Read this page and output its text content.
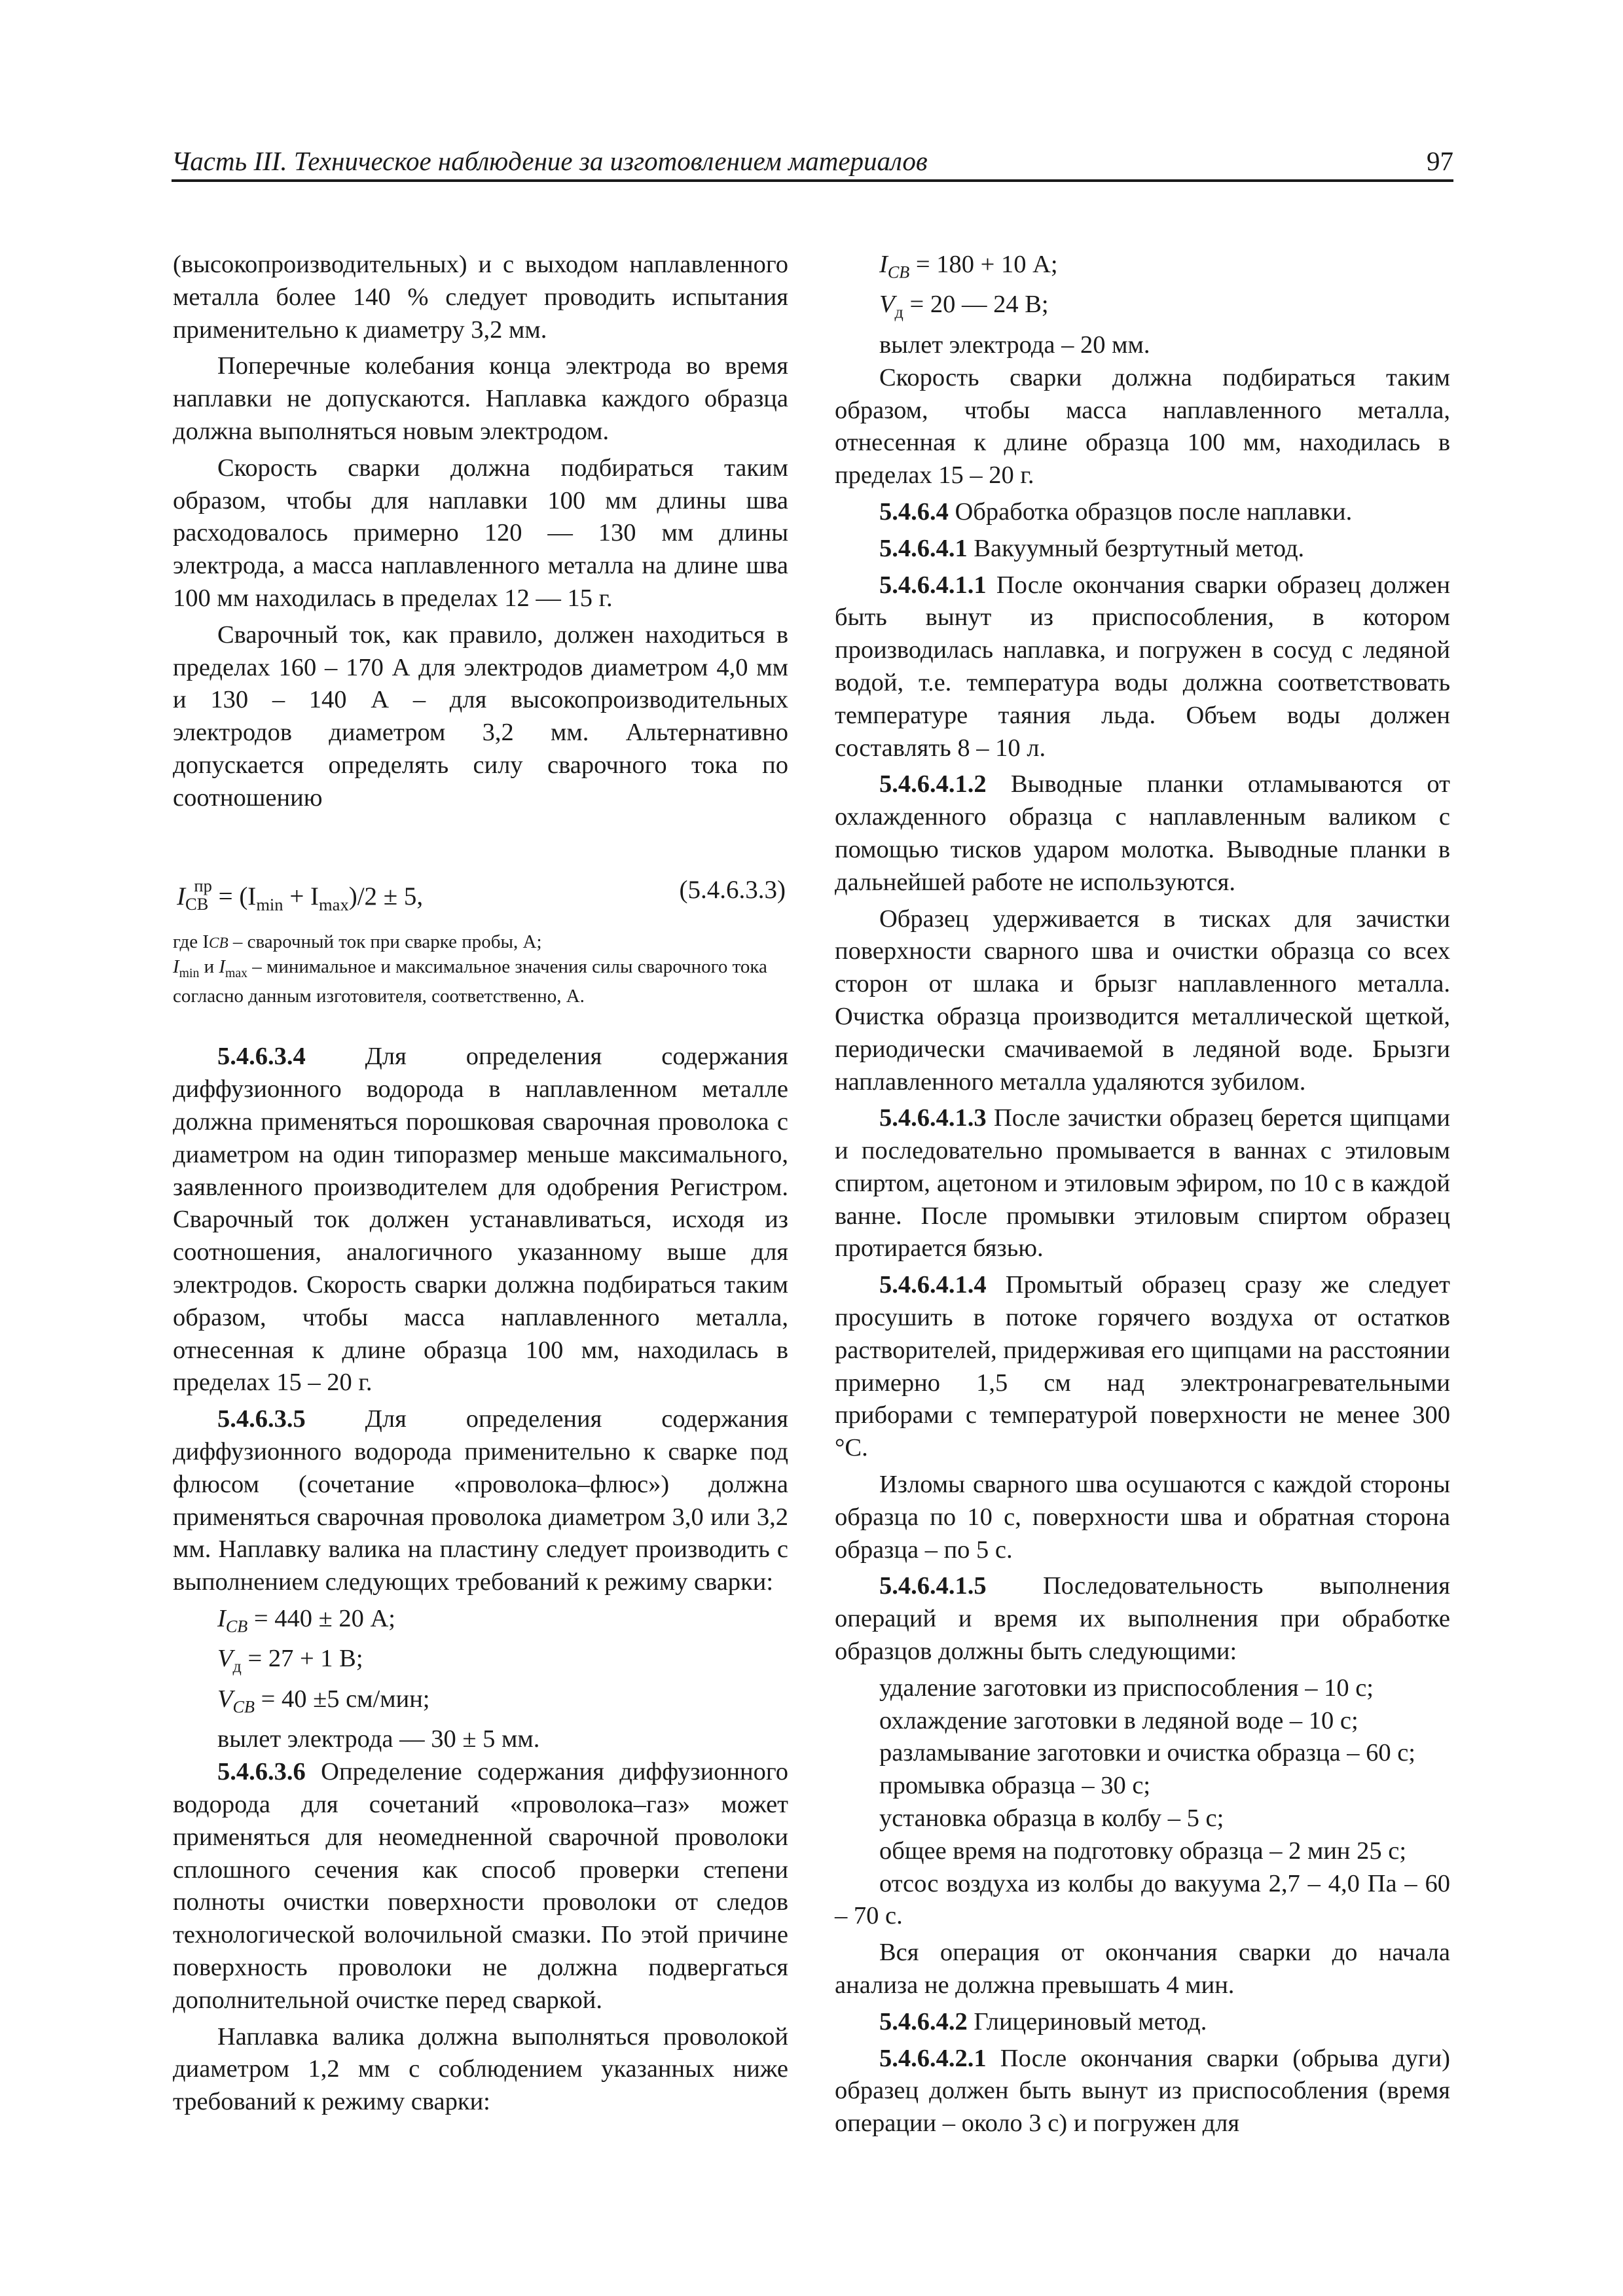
Часть III. Техническое наблюдение за изготовлением материалов	97

(высокопроизводительных) и с выходом наплавленного металла более 140 % следует проводить испытания применительно к диаметру 3,2 мм.

Поперечные колебания конца электрода во время наплавки не допускаются. Наплавка каждого образца должна выполняться новым электродом.

Скорость сварки должна подбираться таким образом, чтобы для наплавки 100 мм длины шва расходовалось примерно 120 — 130 мм длины электрода, а масса наплавленного металла на длине шва 100 мм находилась в пределах 12 — 15 г.

Сварочный ток, как правило, должен находиться в пределах 160 – 170 А для электродов диаметром 4,0 мм и 130 – 140 А – для высокопроизводительных электродов диаметром 3,2 мм. Альтернативно допускается определять силу сварочного тока по соотношению

$I_{СВ}^{пр} = (I_{min} + I_{max})/2 \pm 5$,	(5.4.6.3.3)
где IСВ – сварочный ток при сварке пробы, А;
$I_{min}$ и $I_{max}$ – минимальное и максимальное значения силы сварочного тока согласно данным изготовителя, соответственно, А.

5.4.6.3.4 Для определения содержания диффузионного водорода в наплавленном металле должна применяться порошковая сварочная проволока с диаметром на один типоразмер меньше максимального, заявленного производителем для одобрения Регистром. Сварочный ток должен устанавливаться, исходя из соотношения, аналогичного указанному выше для электродов. Скорость сварки должна подбираться таким образом, чтобы масса наплавленного металла, отнесенная к длине образца 100 мм, находилась в пределах 15 – 20 г.

5.4.6.3.5 Для определения содержания диффузионного водорода применительно к сварке под флюсом (сочетание «проволока–флюс») должна применяться сварочная проволока диаметром 3,0 или 3,2 мм. Наплавку валика на пластину следует производить с выполнением следующих требований к режиму сварки:

$I_{СВ} = 440 \pm 20$ А;

$V_д = 27 + 1$ В;

$V_{СВ} = 40 \pm 5$ см/мин;

вылет электрода — 30 ± 5 мм.

5.4.6.3.6 Определение содержания диффузионного водорода для сочетаний «проволока–газ» может применяться для неомедненной сварочной проволоки сплошного сечения как способ проверки степени полноты очистки поверхности проволоки от следов технологической волочильной смазки. По этой причине поверхность проволоки не должна подвергаться дополнительной очистке перед сваркой.

Наплавка валика должна выполняться проволокой диаметром 1,2 мм с соблюдением указанных ниже требований к режиму сварки:

$I_{СВ} = 180 + 10$ А;

$V_д = 20$ — 24 В;

вылет электрода – 20 мм.

Скорость сварки должна подбираться таким образом, чтобы масса наплавленного металла, отнесенная к длине образца 100 мм, находилась в пределах 15 – 20 г.

5.4.6.4 Обработка образцов после наплавки.

5.4.6.4.1 Вакуумный безртутный метод.

5.4.6.4.1.1 После окончания сварки образец должен быть вынут из приспособления, в котором производилась наплавка, и погружен в сосуд с ледяной водой, т.е. температура воды должна соответствовать температуре таяния льда. Объем воды должен составлять 8 – 10 л.

5.4.6.4.1.2 Выводные планки отламываются от охлажденного образца с наплавленным валиком с помощью тисков ударом молотка. Выводные планки в дальнейшей работе не используются.

Образец удерживается в тисках для зачистки поверхности сварного шва и очистки образца со всех сторон от шлака и брызг наплавленного металла. Очистка образца производится металлической щеткой, периодически смачиваемой в ледяной воде. Брызги наплавленного металла удаляются зубилом.

5.4.6.4.1.3 После зачистки образец берется щипцами и последовательно промывается в ваннах с этиловым спиртом, ацетоном и этиловым эфиром, по 10 с в каждой ванне. После промывки этиловым спиртом образец протирается бязью.

5.4.6.4.1.4 Промытый образец сразу же следует просушить в потоке горячего воздуха от остатков растворителей, придерживая его щипцами на расстоянии примерно 1,5 см над электронагревательными приборами с температурой поверхности не менее 300 °С.

Изломы сварного шва осушаются с каждой стороны образца по 10 с, поверхности шва и обратная сторона образца – по 5 с.

5.4.6.4.1.5 Последовательность выполнения операций и время их выполнения при обработке образцов должны быть следующими:

удаление заготовки из приспособления – 10 с;

охлаждение заготовки в ледяной воде – 10 с;

разламывание заготовки и очистка образца – 60 с;

промывка образца – 30 с;

установка образца в колбу – 5 с;

общее время на подготовку образца – 2 мин 25 с;

отсос воздуха из колбы до вакуума 2,7 – 4,0 Па – 60 – 70 с.

Вся операция от окончания сварки до начала анализа не должна превышать 4 мин.

5.4.6.4.2 Глицериновый метод.

5.4.6.4.2.1 После окончания сварки (обрыва дуги) образец должен быть вынут из приспособления (время операции – около 3 с) и погружен для
